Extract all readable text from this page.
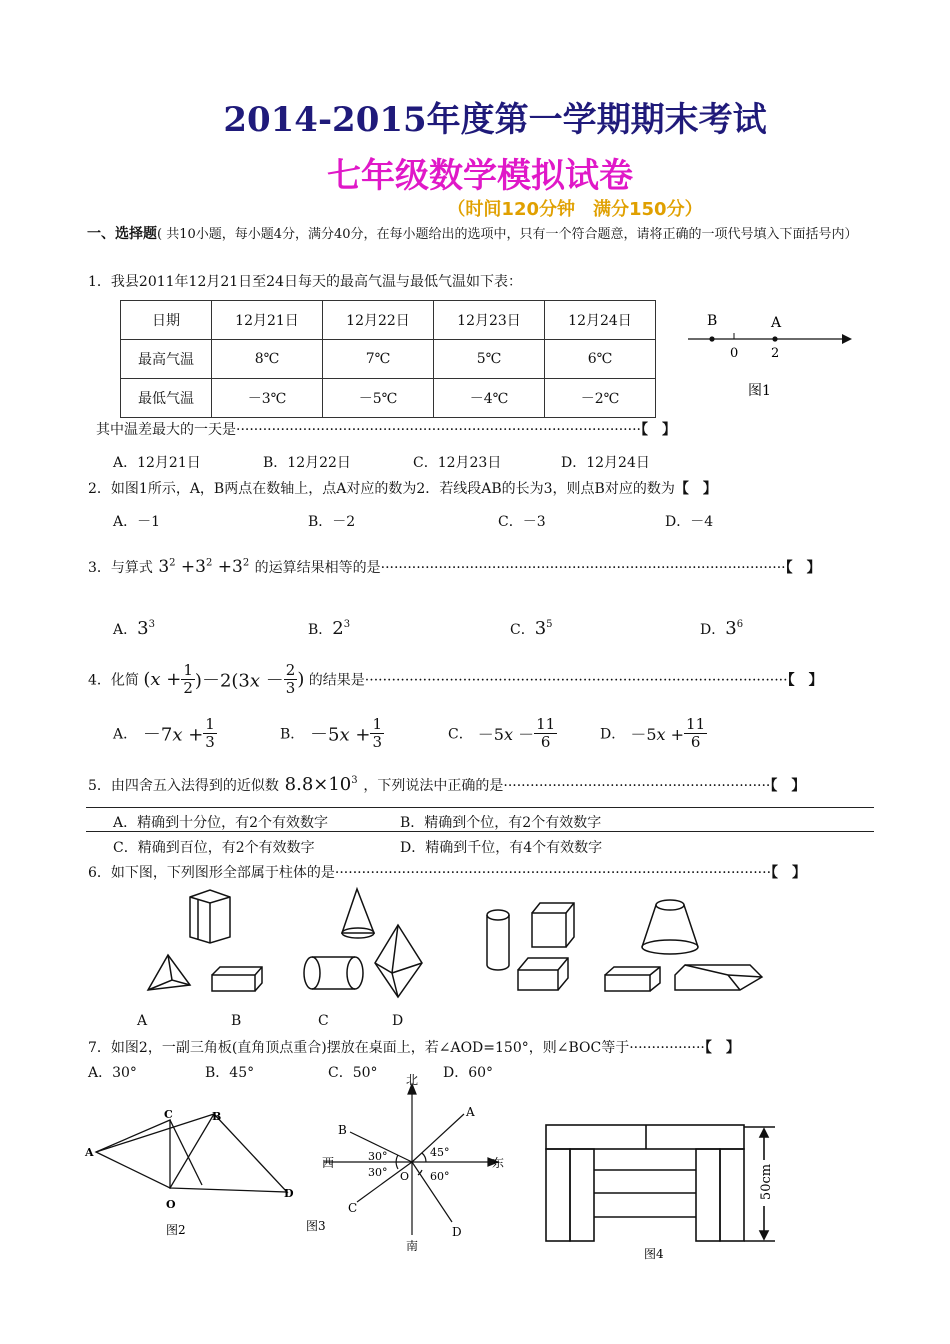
2014-2015年度第一学期期末考试
七年级数学模拟试卷
（时间120分钟　满分150分）
一、选择题( 共10小题，每小题4分，满分40分，在每小题给出的选项中，只有一个符合题意，请将正确的一项代号填入下面括号内）
1．我县2011年12月21日至24日每天的最高气温与最低气温如下表：
日期	12月21日	12月22日	12月23日	12月24日
最高气温	8℃	7℃	5℃	6℃
最低气温	－3℃	－5℃	－4℃	－2℃
B	A
0	2
图1
其中温差最大的一天是···························································································【　】
A．12月21日	B．12月22日	C．12月23日	D．12月24日
2．如图1所示，A，B两点在数轴上，点A对应的数为2．若线段AB的长为3，则点B对应的数为【　】
A．－1	B．－2	C．－3	D．－4
3．与算式 $3^2 +3^2 +3^2$ 的运算结果相等的是···························································································【　】
A．$3^3$	B．$2^3$	C．$3^5$	D．$3^6$
4．化简 $(x + \frac{1}{2} )-2(3x - \frac{2}{3}$ ) 的结果是·······························································································【　】
A． $-7x + \frac{1}{3}$	B． $-5x + \frac{1}{3}$	C． $-5x - \frac{11}{6}$	D． $-5x + \frac{11}{6}$
5．由四舍五入法得到的近似数 $8.8\times 10^3$ ，下列说法中正确的是····························································【　】
A．精确到十分位，有2个有效数字	B．精确到个位，有2个有效数字
C．精确到百位，有2个有效数字	D．精确到千位，有4个有效数字
6．如下图，下列图形全部属于柱体的是··································································································【　】
A	B	C	D
7．如图2，一副三角板(直角顶点重合)摆放在桌面上，若∠AOD=150°，则∠BOC等于·················【　】
A．30°	B．45°	C．50°	D．60°
A
C	B
O
D
图2
北
南
东
西
A
B
C
D
O
30°
30°
45°
60°
图3
50cm
图4
